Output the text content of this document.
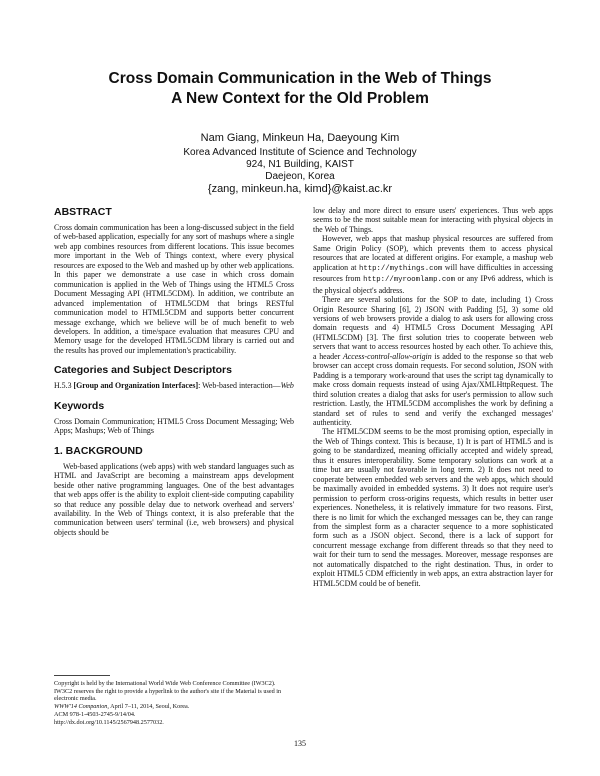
Cross Domain Communication in the Web of Things
A New Context for the Old Problem
Nam Giang, Minkeun Ha, Daeyoung Kim
Korea Advanced Institute of Science and Technology
924, N1 Building, KAIST
Daejeon, Korea
{zang, minkeun.ha, kimd}@kaist.ac.kr
ABSTRACT

Cross domain communication has been a long-discussed subject in the field of web-based application, especially for any sort of mashups where a single web app combines resources from different locations. This issue becomes more important in the Web of Things context, where every physical resources are exposed to the Web and mashed up by other web applications. In this paper we demonstrate a use case in which cross domain communication is applied in the Web of Things using the HTML5 Cross Document Messaging API (HTML5CDM). In addition, we contribute an advanced implementation of HTML5CDM that brings RESTful communication model to HTML5CDM and supports better concurrent message exchange, which we believe will be of much benefit to web developers. In addition, a time/space evaluation that measures CPU and Memory usage for the developed HTML5CDM library is carried out and the results has proved our implementation's practicability.

Categories and Subject Descriptors

H.5.3 [Group and Organization Interfaces]: Web-based interaction—Web

Keywords

Cross Domain Communication; HTML5 Cross Document Messaging; Web Apps; Mashups; Web of Things

1. BACKGROUND

Web-based applications (web apps) with web standard languages such as HTML and JavaScript are becoming a mainstream apps development beside other native programming languages. One of the best advantages that web apps offer is the ability to exploit client-side computing capability so that reduce any possible delay due to network overhead and servers' availability. In the Web of Things context, it is also preferable that the communication between users' terminal (i.e, web browsers) and physical objects should be

Copyright is held by the International World Wide Web Conference Committee (IW3C2). IW3C2 reserves the right to provide a hyperlink to the author's site if the Material is used in electronic media.
WWW'14 Companion, April 7–11, 2014, Seoul, Korea.
ACM 978-1-4503-2745-9/14/04.
http://dx.doi.org/10.1145/2567948.2577032.

low delay and more direct to ensure users' experiences. Thus web apps seems to be the most suitable mean for interacting with physical objects in the Web of Things.

However, web apps that mashup physical resources are suffered from Same Origin Policy (SOP), which prevents them to access physical resources that are located at different origins. For example, a mashup web application at http://mythings.com will have difficulties in accessing resources from http://myroomlamp.com or any IPv6 address, which is the physical object's address.

There are several solutions for the SOP to date, including 1) Cross Origin Resource Sharing [6], 2) JSON with Padding [5], 3) some old versions of web browsers provide a dialog to ask users for allowing cross domain requests and 4) HTML5 Cross Document Messaging API (HTML5CDM) [3]. The first solution tries to cooperate between web servers that want to access resources hosted by each other. To achieve this, a header Access-control-allow-origin is added to the response so that web browser can accept cross domain requests. For second solution, JSON with Padding is a temporary work-around that uses the script tag dynamically to make cross domain requests instead of using Ajax/XMLHttpRequest. The third solution creates a dialog that asks for user's permission to allow such restriction. Lastly, the HTML5CDM accomplishes the work by defining a standard set of rules to send and verify the exchanged messages' authenticity.

The HTML5CDM seems to be the most promising option, especially in the Web of Things context. This is because, 1) It is part of HTML5 and is going to be standardized, meaning officially accepted and widely spread, thus it ensures interoperability. Some temporary solutions can work at a time but are usually not favorable in long term. 2) It does not need to cooperate between embedded web servers and the web apps, which should be maximally avoided in embedded systems. 3) It does not require user's permission to perform cross-origins requests, which results in better user experiences. Nonetheless, it is relatively immature for two reasons. First, there is no limit for which the exchanged messages can be, they can range from the simplest form as a character sequence to a more sophisticated form such as a JSON object. Second, there is a lack of support for concurrent message exchange from different threads so that they need to wait for their turn to send the messages. Moreover, message responses are not automatically dispatched to the right destination. Thus, in order to exploit HTML5 CDM efficiently in web apps, an extra abstraction layer for HTML5CDM could be of benefit.

135
